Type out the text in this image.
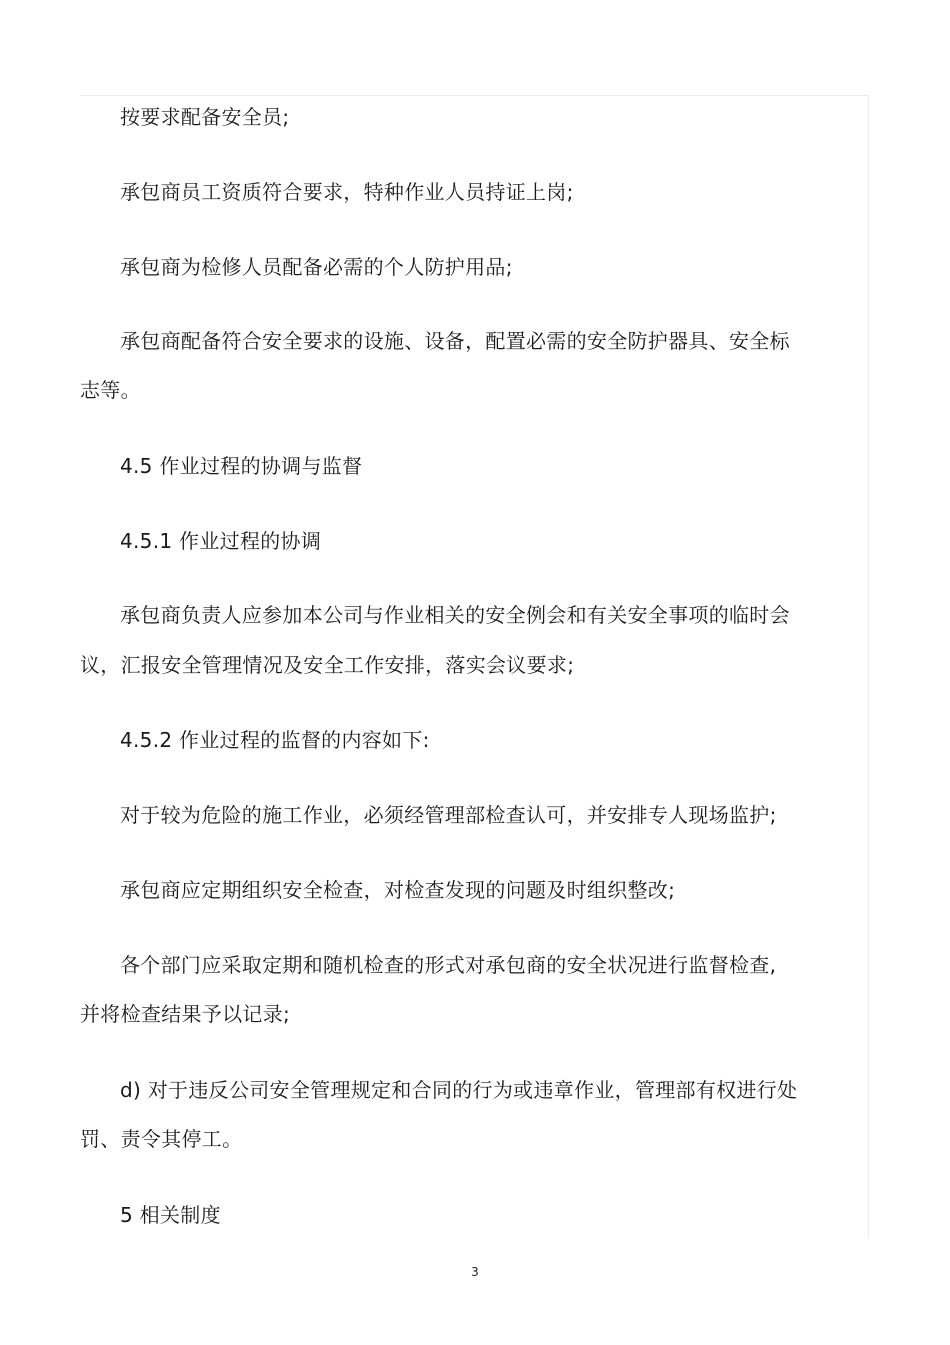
按要求配备安全员;

承包商员工资质符合要求，特种作业人员持证上岗;

承包商为检修人员配备必需的个人防护用品;

承包商配备符合安全要求的设施、设备，配置必需的安全防护器具、安全标

志等。

4.5 作业过程的协调与监督

4.5.1 作业过程的协调

承包商负责人应参加本公司与作业相关的安全例会和有关安全事项的临时会

议，汇报安全管理情况及安全工作安排，落实会议要求;

4.5.2 作业过程的监督的内容如下:

对于较为危险的施工作业，必须经管理部检查认可，并安排专人现场监护;

承包商应定期组织安全检查，对检查发现的问题及时组织整改;

各个部门应采取定期和随机检查的形式对承包商的安全状况进行监督检查,

并将检查结果予以记录;

d) 对于违反公司安全管理规定和合同的行为或违章作业，管理部有权进行处

罚、责令其停工。

5 相关制度

3
